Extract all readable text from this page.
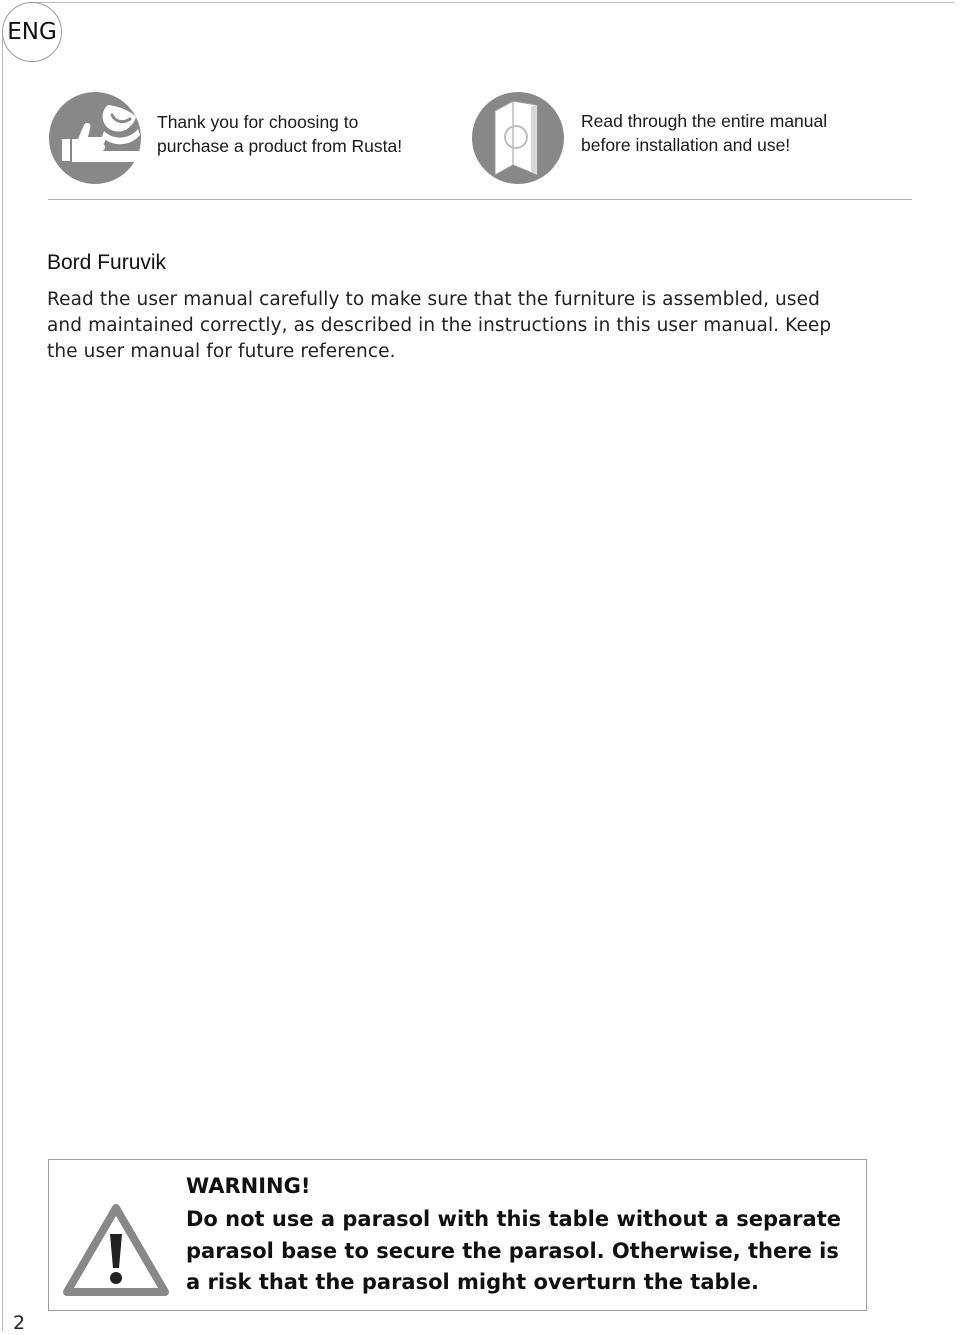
ENG
Thank you for choosing to
purchase a product from Rusta!
Read through the entire manual
before installation and use!
Bord Furuvik
Read the user manual carefully to make sure that the furniture is assembled, used and maintained correctly, as described in the instructions in this user manual. Keep the user manual for future reference.
WARNING!
Do not use a parasol with this table without a separate parasol base to secure the parasol. Otherwise, there is a risk that the parasol might overturn the table.
2
